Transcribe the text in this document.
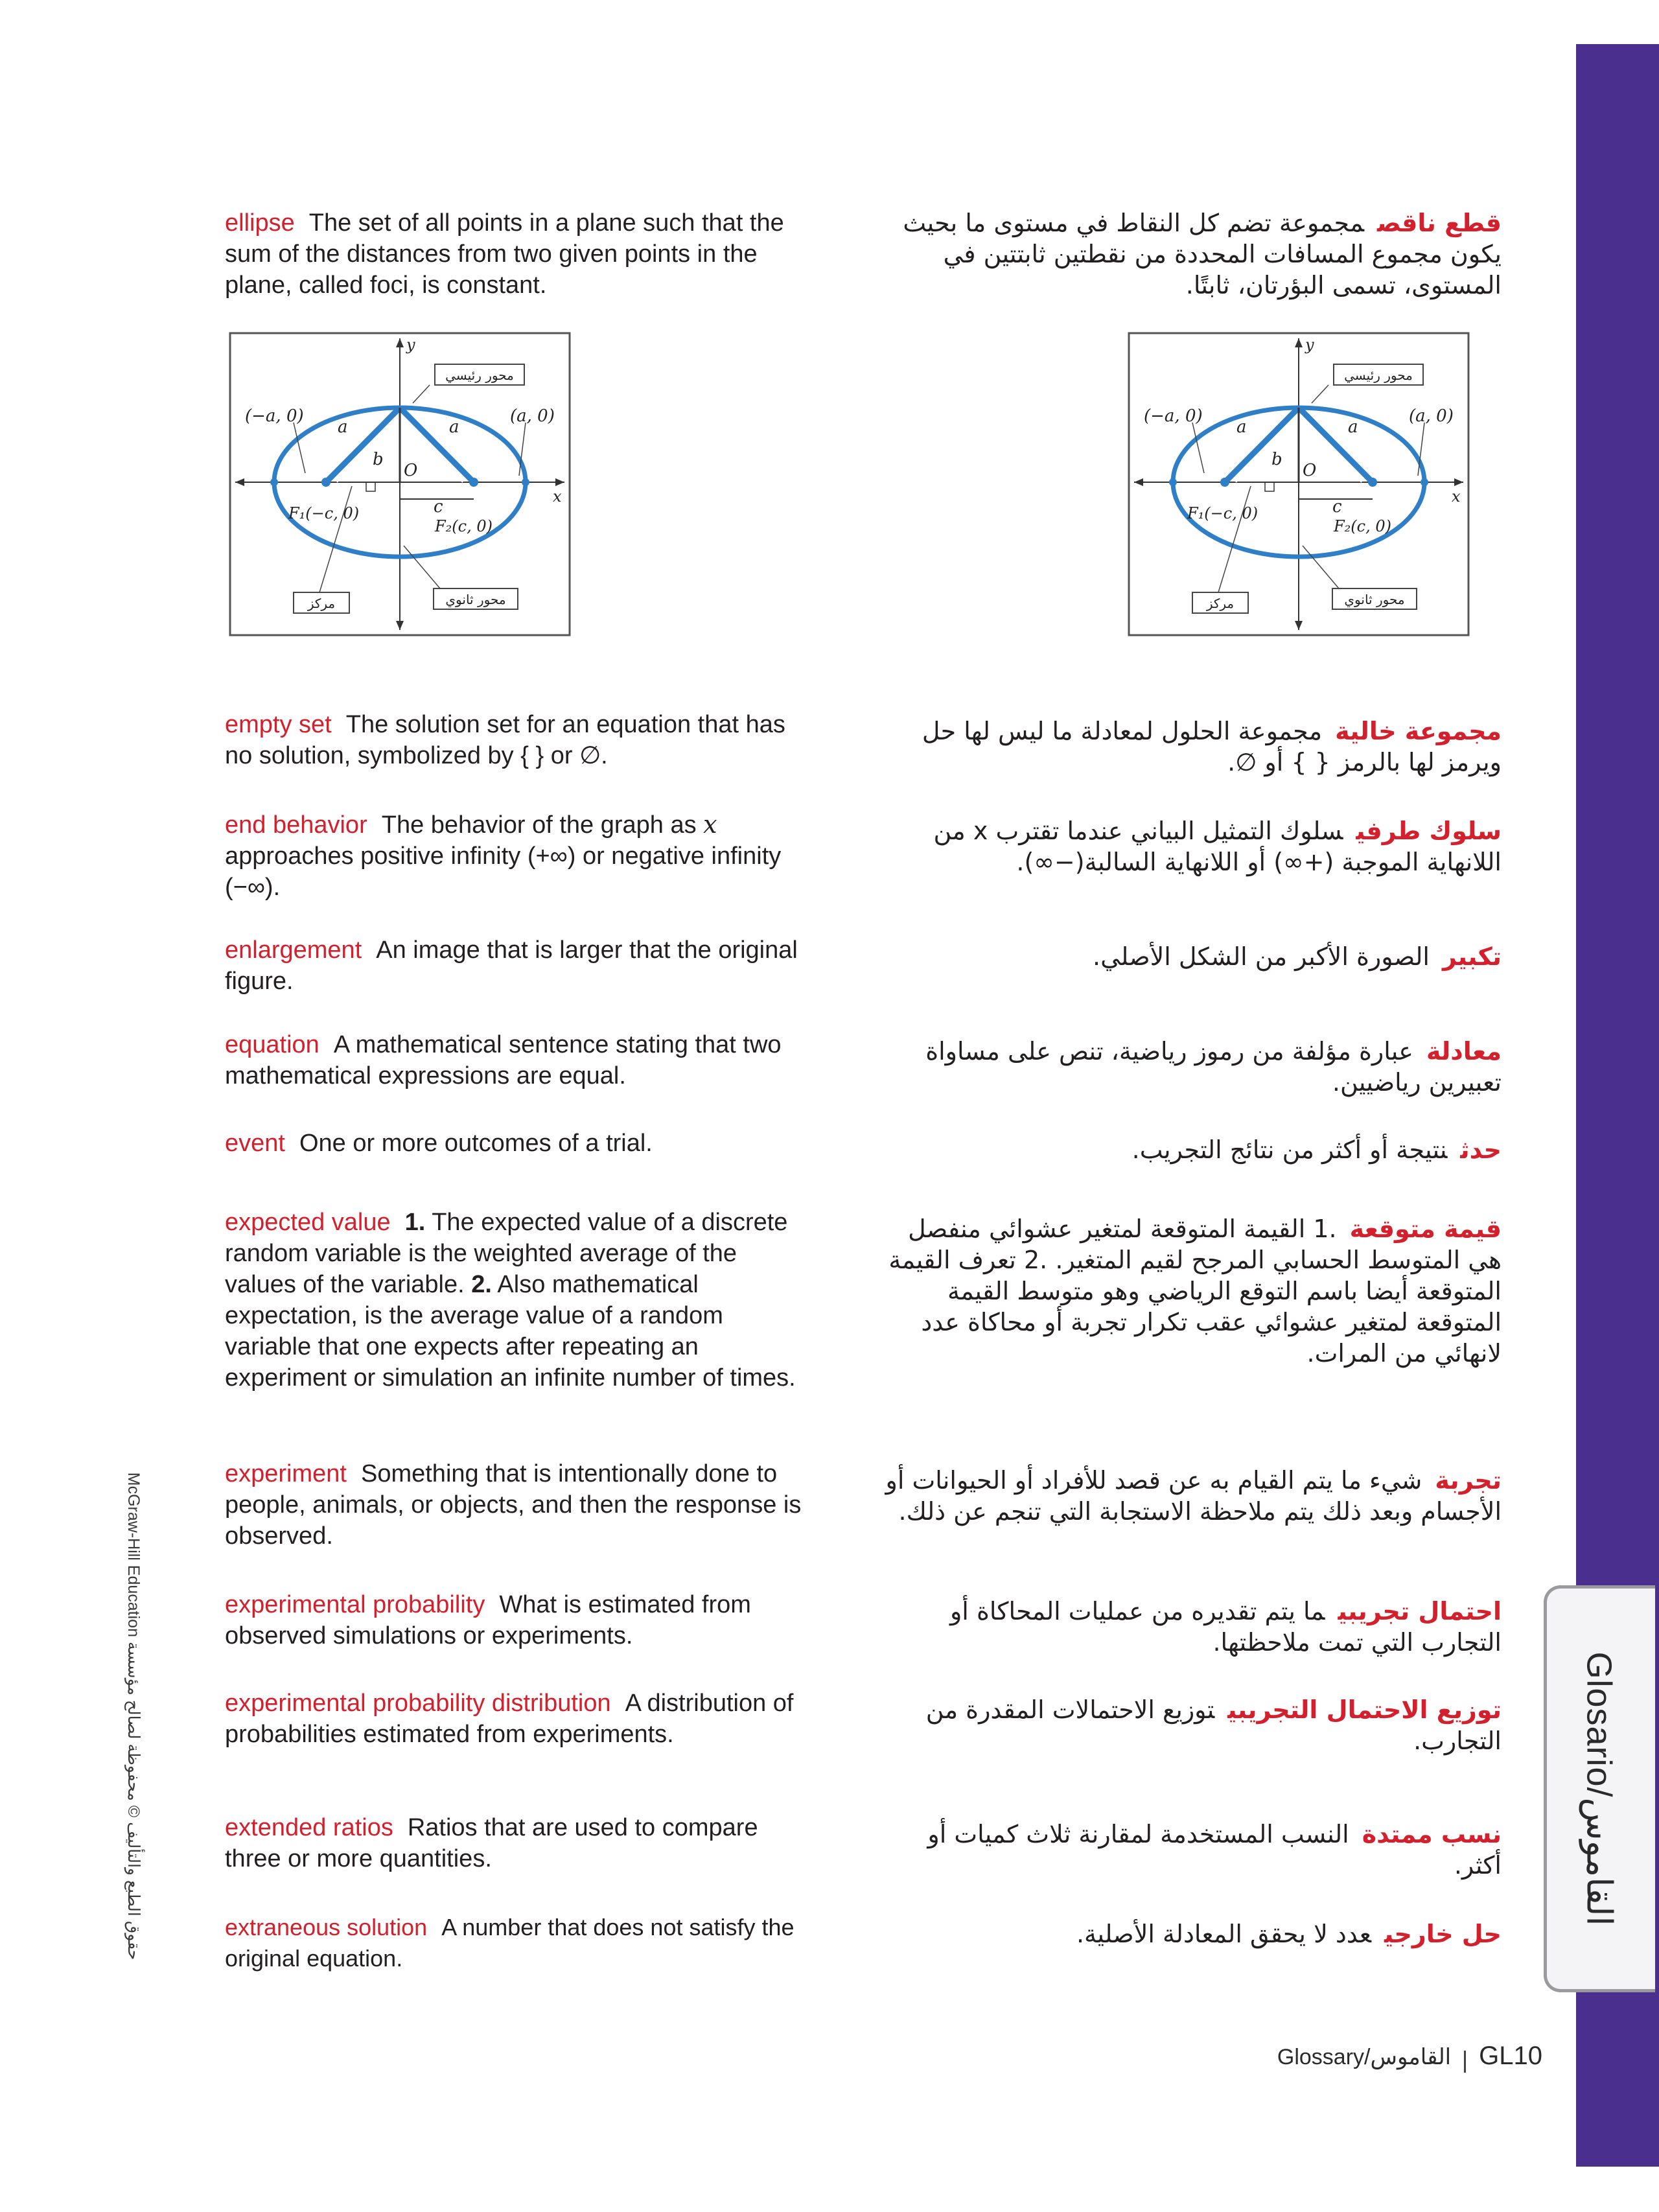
Glosario/القاموس
McGraw-Hill Education حقوق الطبع والتأليف © محفوظة لصالح مؤسسة
ellipse The set of all points in a plane such that the sum of the distances from two given points in the plane, called foci, is constant.
قطع ناقصمجموعة تضم كل النقاط في مستوى ما بحيث يكون مجموع المسافات المحددة من نقطتين ثابتتين في المستوى، تسمى البؤرتان، ثابتًا.
y
x
(−a, 0)	(a, 0)
a	a
b
c
O
F₁(−c, 0)
F₂(c, 0)
محور رئيسي
مركز	محور ثانوي
y
x
(−a, 0)	(a, 0)
a	a
b
c
O
F₁(−c, 0)
F₂(c, 0)
محور رئيسي
مركز	محور ثانوي
empty set The solution set for an equation that has no solution, symbolized by { } or ∅.
مجموعة خاليةمجموعة الحلول لمعادلة ما ليس لها حل ويرمز لها بالرمز { } أو ∅.
end behavior The behavior of the graph as x approaches positive infinity (+∞) or negative infinity (−∞).
سلوك طرفيسلوك التمثيل البياني عندما تقترب x من اللانهاية الموجبة (+∞) أو اللانهاية السالبة(−∞).
enlargement An image that is larger that the original figure.
تكبيرالصورة الأكبر من الشكل الأصلي.
equation A mathematical sentence stating that two mathematical expressions are equal.
معادلةعبارة مؤلفة من رموز رياضية، تنص على مساواة تعبيرين رياضيين.
event One or more outcomes of a trial.	حدثنتيجة أو أكثر من نتائج التجريب.
expected value 1. The expected value of a discrete random variable is the weighted average of the values of the variable. 2. Also mathematical expectation, is the average value of a random variable that one expects after repeating an experiment or simulation an infinite number of times.
قيمة متوقعة.1 القيمة المتوقعة لمتغير عشوائي منفصل هي المتوسط الحسابي المرجح لقيم المتغير. .2 تعرف القيمة المتوقعة أيضا باسم التوقع الرياضي وهو متوسط القيمة المتوقعة لمتغير عشوائي عقب تكرار تجربة أو محاكاة عدد لانهائي من المرات.
experiment Something that is intentionally done to people, animals, or objects, and then the response is observed.
تجربةشيء ما يتم القيام به عن قصد للأفراد أو الحيوانات أو الأجسام وبعد ذلك يتم ملاحظة الاستجابة التي تنجم عن ذلك.
experimental probability What is estimated from observed simulations or experiments.
احتمال تجريبيما يتم تقديره من عمليات المحاكاة أو التجارب التي تمت ملاحظتها.
experimental probability distribution A distribution of probabilities estimated from experiments.
توزيع الاحتمال التجريبيتوزيع الاحتمالات المقدرة من التجارب.
extended ratios Ratios that are used to compare three or more quantities.
نسب ممتدةالنسب المستخدمة لمقارنة ثلاث كميات أو أكثر.
extraneous solution A number that does not satisfy the original equation.
حل خارجيعدد لا يحقق المعادلة الأصلية.
Glossary/القاموس GL10
